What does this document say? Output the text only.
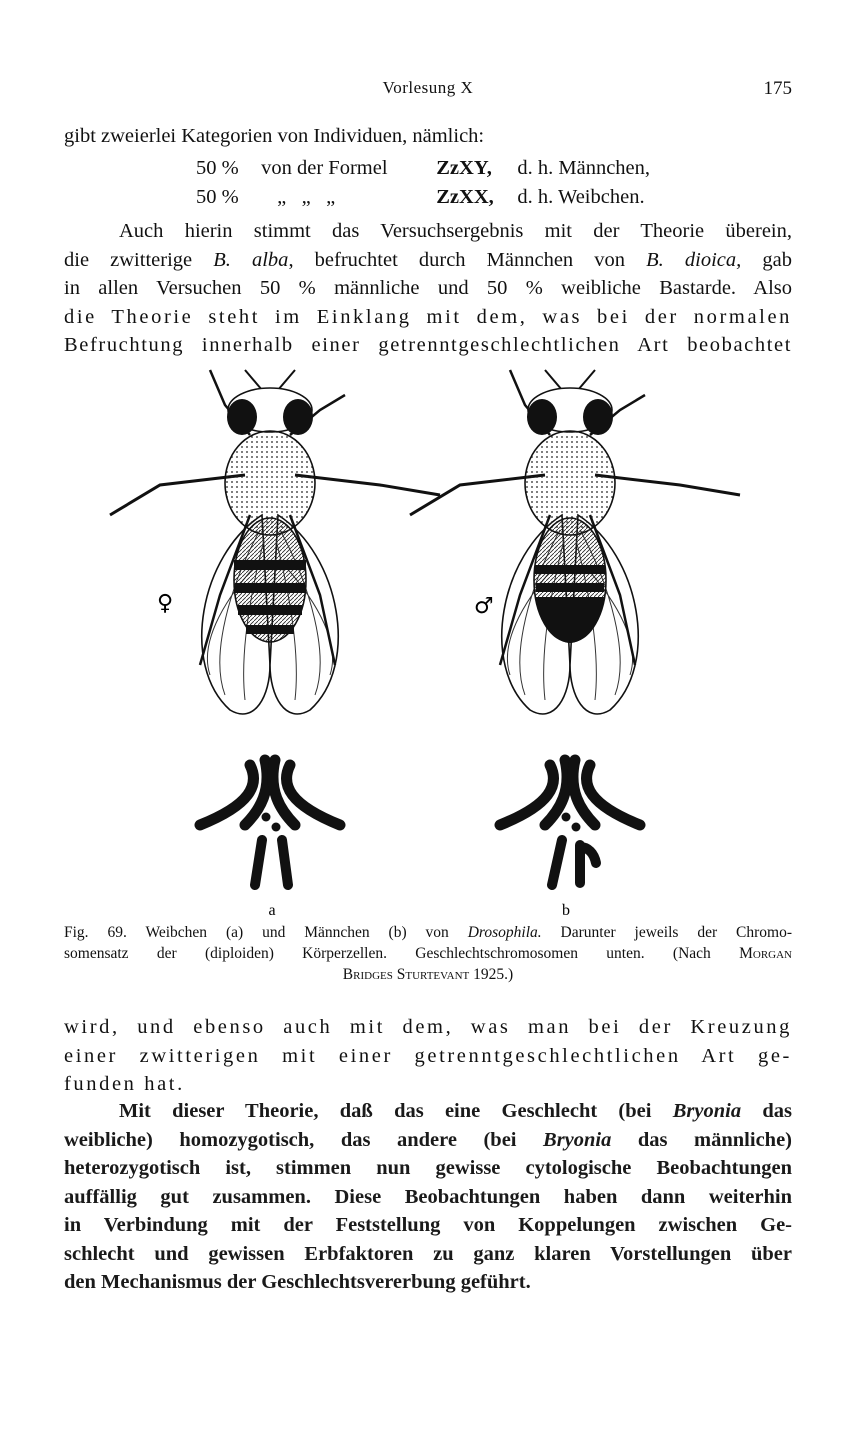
Vorlesung X	175
gibt zweierlei Kategorien von Individuen, nämlich:
50 % von der Formel ZzXY, d. h. Männchen,
50 % „   „   „	ZzXX, d. h. Weibchen.
Auch hierin stimmt das Versuchsergebnis mit der Theorie überein,
die zwitterige B. alba, befruchtet durch Männchen von B. dioica, gab
in allen Versuchen 50 % männliche und 50 % weibliche Bastarde. Also
die Theorie steht im Einklang mit dem, was bei der normalen
Befruchtung innerhalb einer getrenntgeschlechtlichen Art beobachtet
♀	♂
a	b
Fig. 69. Weibchen (a) und Männchen (b) von Drosophila. Darunter jeweils der Chromo-
somensatz der (diploiden) Körperzellen. Geschlechtschromosomen unten. (Nach Morgan
Bridges Sturtevant 1925.)
wird, und ebenso auch mit dem, was man bei der Kreuzung
einer zwitterigen mit einer getrenntgeschlechtlichen Art ge-
funden hat.
Mit dieser Theorie, daß das eine Geschlecht (bei Bryonia das
weibliche) homozygotisch, das andere (bei Bryonia das männliche)
heterozygotisch ist, stimmen nun gewisse cytologische Beobachtungen
auffällig gut zusammen. Diese Beobachtungen haben dann weiterhin
in Verbindung mit der Feststellung von Koppelungen zwischen Ge-
schlecht und gewissen Erbfaktoren zu ganz klaren Vorstellungen über
den Mechanismus der Geschlechtsvererbung geführt.
